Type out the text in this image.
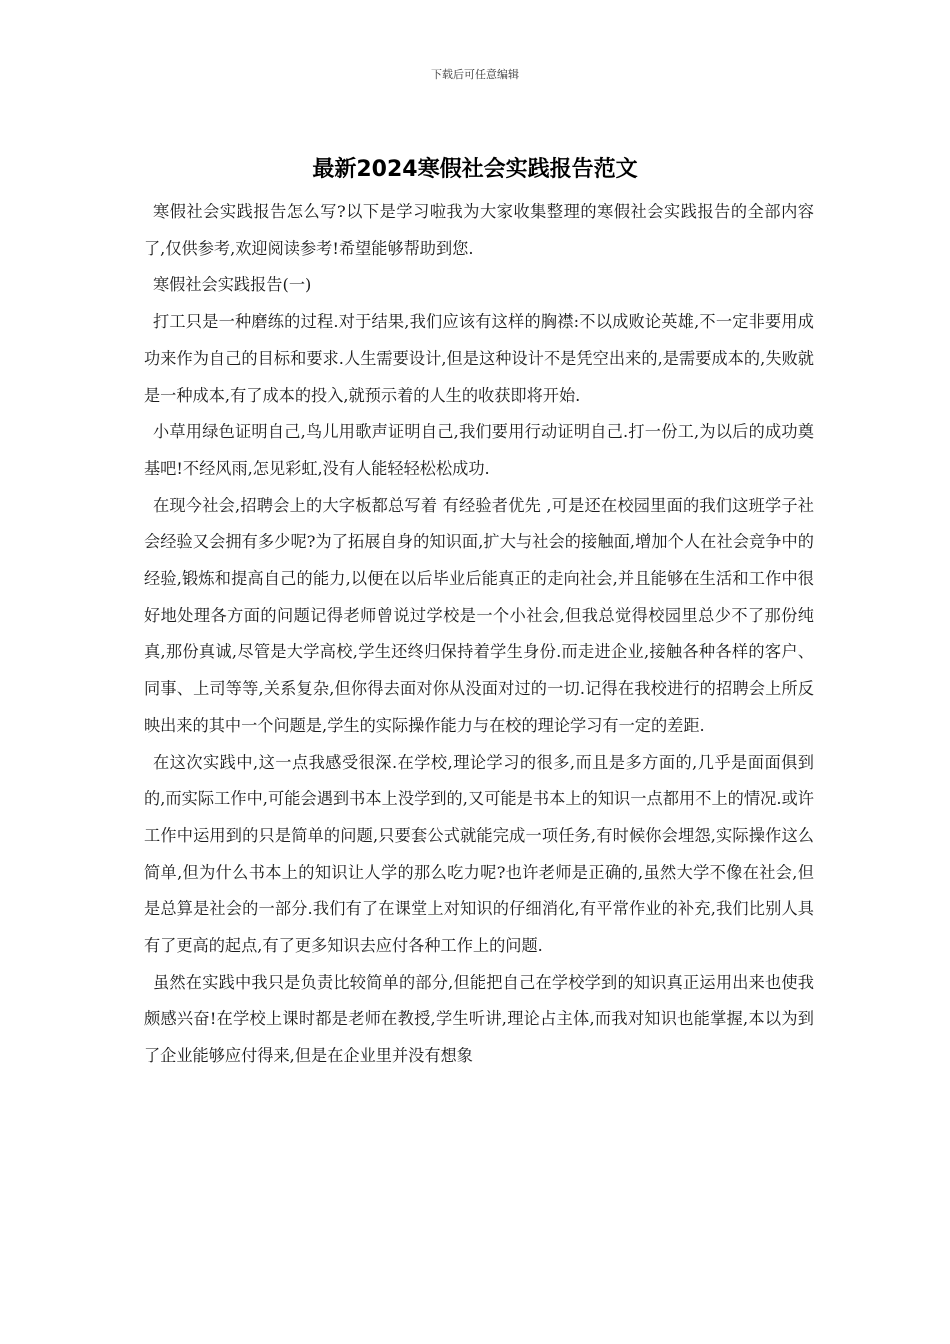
下载后可任意编辑
最新2024寒假社会实践报告范文

寒假社会实践报告怎么写?以下是学习啦我为大家收集整理的寒假社会实践报告的全部内容了,仅供参考,欢迎阅读参考!希望能够帮助到您.

寒假社会实践报告(一)

打工只是一种磨练的过程.对于结果,我们应该有这样的胸襟:不以成败论英雄,不一定非要用成功来作为自己的目标和要求.人生需要设计,但是这种设计不是凭空出来的,是需要成本的,失败就是一种成本,有了成本的投入,就预示着的人生的收获即将开始.

小草用绿色证明自己,鸟儿用歌声证明自己,我们要用行动证明自己.打一份工,为以后的成功奠基吧!不经风雨,怎见彩虹,没有人能轻轻松松成功.

在现今社会,招聘会上的大字板都总写着 有经验者优先 ,可是还在校园里面的我们这班学子社会经验又会拥有多少呢?为了拓展自身的知识面,扩大与社会的接触面,增加个人在社会竞争中的经验,锻炼和提高自己的能力,以便在以后毕业后能真正的走向社会,并且能够在生活和工作中很好地处理各方面的问题记得老师曾说过学校是一个小社会,但我总觉得校园里总少不了那份纯真,那份真诚,尽管是大学高校,学生还终归保持着学生身份.而走进企业,接触各种各样的客户、同事、上司等等,关系复杂,但你得去面对你从没面对过的一切.记得在我校进行的招聘会上所反映出来的其中一个问题是,学生的实际操作能力与在校的理论学习有一定的差距.

在这次实践中,这一点我感受很深.在学校,理论学习的很多,而且是多方面的,几乎是面面俱到的,而实际工作中,可能会遇到书本上没学到的,又可能是书本上的知识一点都用不上的情况.或许工作中运用到的只是简单的问题,只要套公式就能完成一项任务,有时候你会埋怨,实际操作这么简单,但为什么书本上的知识让人学的那么吃力呢?也许老师是正确的,虽然大学不像在社会,但是总算是社会的一部分.我们有了在课堂上对知识的仔细消化,有平常作业的补充,我们比别人具有了更高的起点,有了更多知识去应付各种工作上的问题.

虽然在实践中我只是负责比较简单的部分,但能把自己在学校学到的知识真正运用出来也使我颇感兴奋!在学校上课时都是老师在教授,学生听讲,理论占主体,而我对知识也能掌握,本以为到了企业能够应付得来,但是在企业里并没有想象
